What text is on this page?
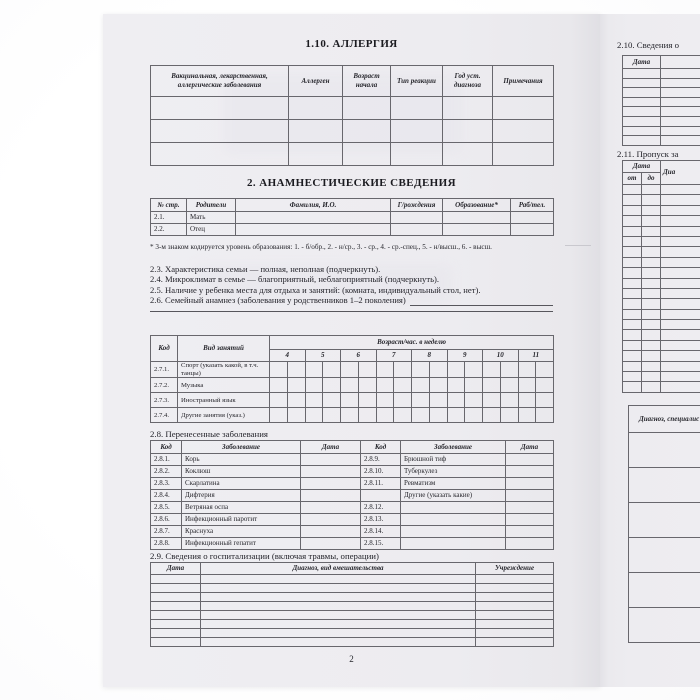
1.10. АЛЛЕРГИЯ
Вакцинальная, лекарственная, аллергические заболевания	Аллерген	Возраст начала	Тип реакции	Год уст. диагноза	Примечания

2. АНАМНЕСТИЧЕСКИЕ СВЕДЕНИЯ
№ стр.	Родители	Фамилия, И.О.	Г/рождения	Образование*	Раб/тел.
2.1.	Мать				
2.2.	Отец				
* 3-м знаком кодируется уровень образования: 1. - б/обр., 2. - н/ср., 3. - ср., 4. - ср.-спец., 5. - н/высш., 6. - высш.
2.3. Характеристика семьи — полная, неполная (подчеркнуть).
2.4. Микроклимат в семье — благоприятный, неблагоприятный (подчеркнуть).
2.5. Наличие у ребенка места для отдыха и занятий: (комната, индивидуальный стол, нет).
2.6. Семейный анамнез (заболевания у родственников 1–2 поколения)
Код	Вид занятий	Возраст/час. в неделю															
		4		5		6		7		8		9		10		11	
2.7.1.	Спорт (указать какой, в т.ч. танцы)																
2.7.2.	Музыка																
2.7.3.	Иностранный язык																
2.7.4.	Другие занятия (указ.)																
2.8. Перенесенные заболевания
Код	Заболевание	Дата	Код	Заболевание	Дата
2.8.1.	Корь		2.8.9.	Брюшной тиф	
2.8.2.	Коклюш		2.8.10.	Туберкулез	
2.8.3.	Скарлатина		2.8.11.	Ревматизм	
2.8.4.	Дифтерия			Другие (указать какие)	
2.8.5.	Ветряная оспа		2.8.12.		
2.8.6.	Инфекционный паротит		2.8.13.		
2.8.7.	Краснуха		2.8.14.		
2.8.8.	Инфекционный гепатит		2.8.15.		
2.9. Сведения о госпитализации (включая травмы, операции)
Дата	Диагноз, вид вмешательства	Учреждение

2
2.10. Сведения о
Дата	

2.11. Пропуск за
Дата		Диа
от	до	

Диагноз, специалис
